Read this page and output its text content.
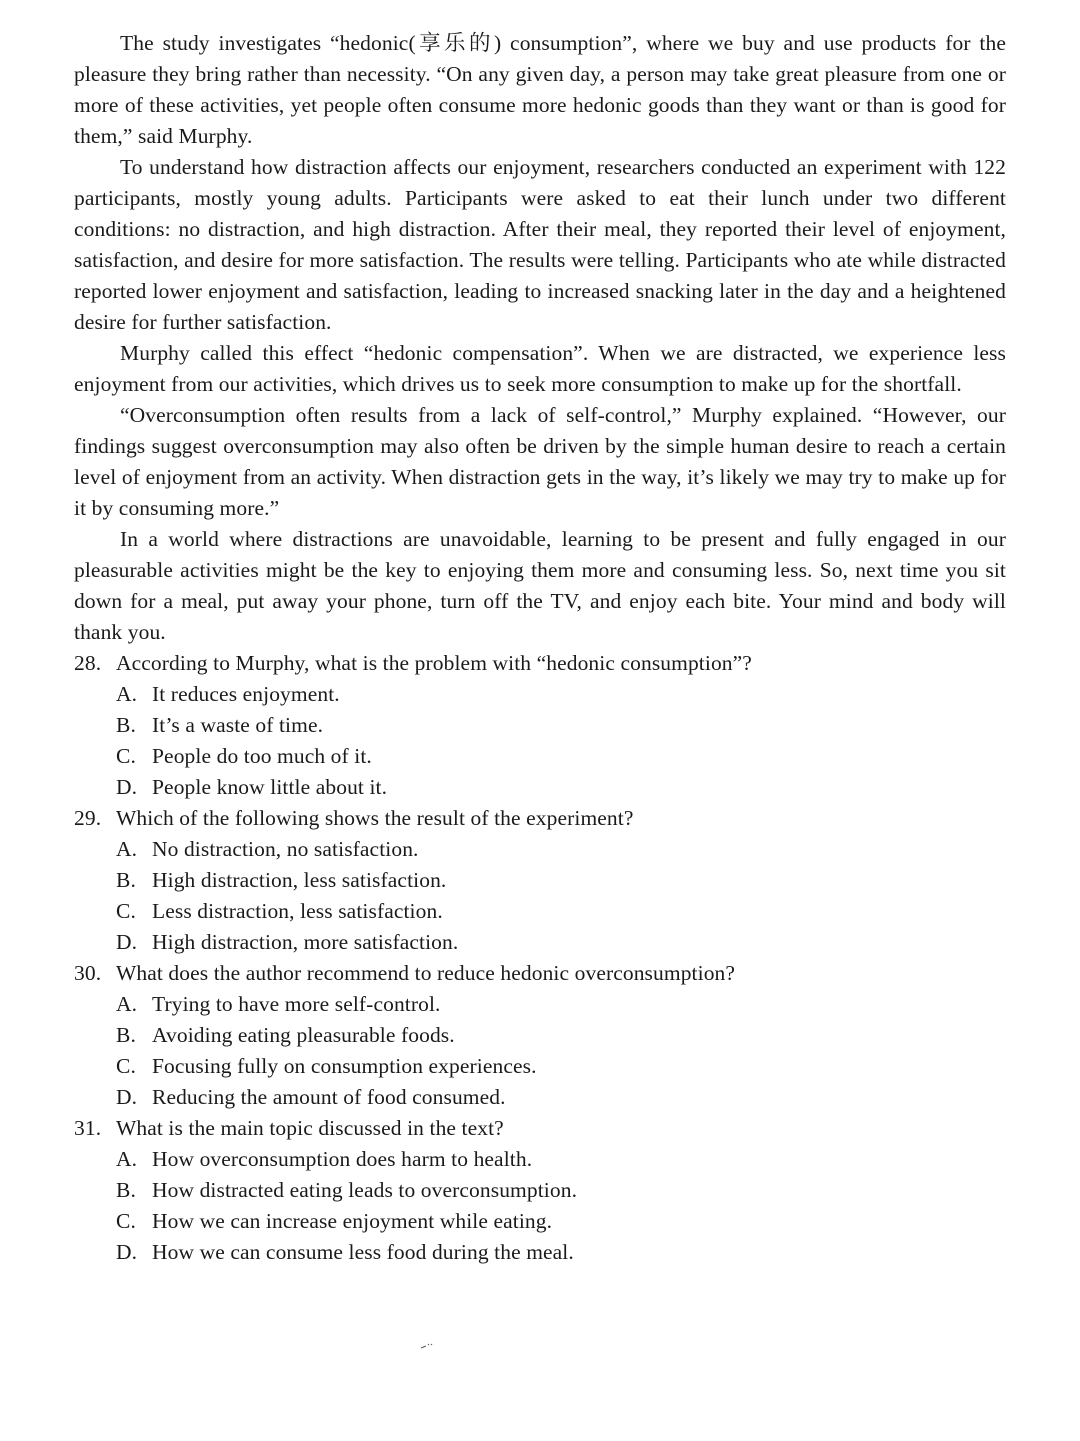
The study investigates “hedonic(享乐的) consumption”, where we buy and use products for the pleasure they bring rather than necessity. “On any given day, a person may take great pleasure from one or more of these activities, yet people often consume more hedonic goods than they want or than is good for them,” said Murphy.

To understand how distraction affects our enjoyment, researchers conducted an experiment with 122 participants, mostly young adults. Participants were asked to eat their lunch under two different conditions: no distraction, and high distraction. After their meal, they reported their level of enjoyment, satisfaction, and desire for more satisfaction. The results were telling. Participants who ate while distracted reported lower enjoyment and satisfaction, leading to increased snacking later in the day and a heightened desire for further satisfaction.

Murphy called this effect “hedonic compensation”. When we are distracted, we experience less enjoyment from our activities, which drives us to seek more consumption to make up for the shortfall.

“Overconsumption often results from a lack of self-control,” Murphy explained. “However, our findings suggest overconsumption may also often be driven by the simple human desire to reach a certain level of enjoyment from an activity. When distraction gets in the way, it’s likely we may try to make up for it by consuming more.”

In a world where distractions are unavoidable, learning to be present and fully engaged in our pleasurable activities might be the key to enjoying them more and consuming less. So, next time you sit down for a meal, put away your phone, turn off the TV, and enjoy each bite. Your mind and body will thank you.

28. According to Murphy, what is the problem with “hedonic consumption”?
A. It reduces enjoyment.
B. It’s a waste of time.
C. People do too much of it.
D. People know little about it.
29. Which of the following shows the result of the experiment?
A. No distraction, no satisfaction.
B. High distraction, less satisfaction.
C. Less distraction, less satisfaction.
D. High distraction, more satisfaction.
30. What does the author recommend to reduce hedonic overconsumption?
A. Trying to have more self-control.
B. Avoiding eating pleasurable foods.
C. Focusing fully on consumption experiences.
D. Reducing the amount of food consumed.
31. What is the main topic discussed in the text?
A. How overconsumption does harm to health.
B. How distracted eating leads to overconsumption.
C. How we can increase enjoyment while eating.
D. How we can consume less food during the meal.
